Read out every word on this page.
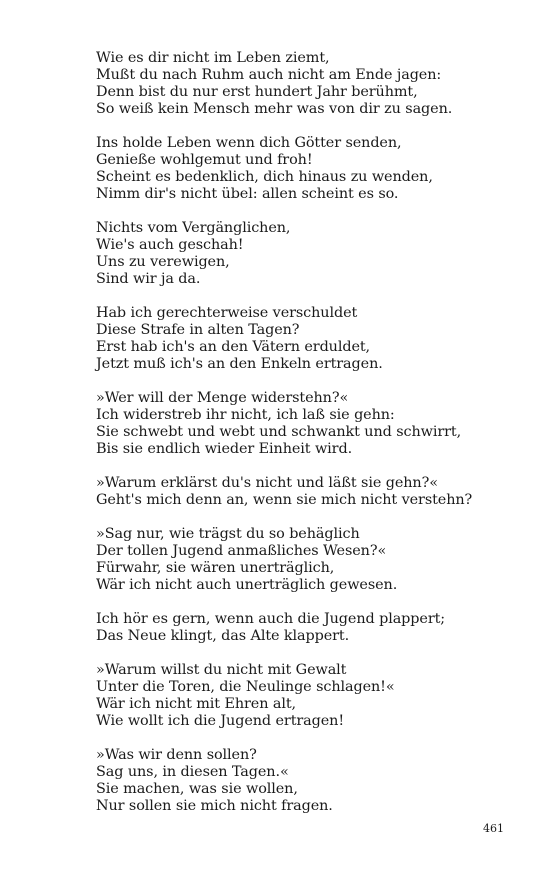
Wie es dir nicht im Leben ziemt,
Mußt du nach Ruhm auch nicht am Ende jagen:
Denn bist du nur erst hundert Jahr berühmt,
So weiß kein Mensch mehr was von dir zu sagen.
Ins holde Leben wenn dich Götter senden,
Genieße wohlgemut und froh!
Scheint es bedenklich, dich hinaus zu wenden,
Nimm dir's nicht übel: allen scheint es so.
Nichts vom Vergänglichen,
Wie's auch geschah!
Uns zu verewigen,
Sind wir ja da.
Hab ich gerechterweise verschuldet
Diese Strafe in alten Tagen?
Erst hab ich's an den Vätern erduldet,
Jetzt muß ich's an den Enkeln ertragen.
»Wer will der Menge widerstehn?«
Ich widerstreb ihr nicht, ich laß sie gehn:
Sie schwebt und webt und schwankt und schwirrt,
Bis sie endlich wieder Einheit wird.
»Warum erklärst du's nicht und läßt sie gehn?«
Geht's mich denn an, wenn sie mich nicht verstehn?
»Sag nur, wie trägst du so behäglich
Der tollen Jugend anmaßliches Wesen?«
Fürwahr, sie wären unerträglich,
Wär ich nicht auch unerträglich gewesen.
Ich hör es gern, wenn auch die Jugend plappert;
Das Neue klingt, das Alte klappert.
»Warum willst du nicht mit Gewalt
Unter die Toren, die Neulinge schlagen!«
Wär ich nicht mit Ehren alt,
Wie wollt ich die Jugend ertragen!
»Was wir denn sollen?
Sag uns, in diesen Tagen.«
Sie machen, was sie wollen,
Nur sollen sie mich nicht fragen.
461
